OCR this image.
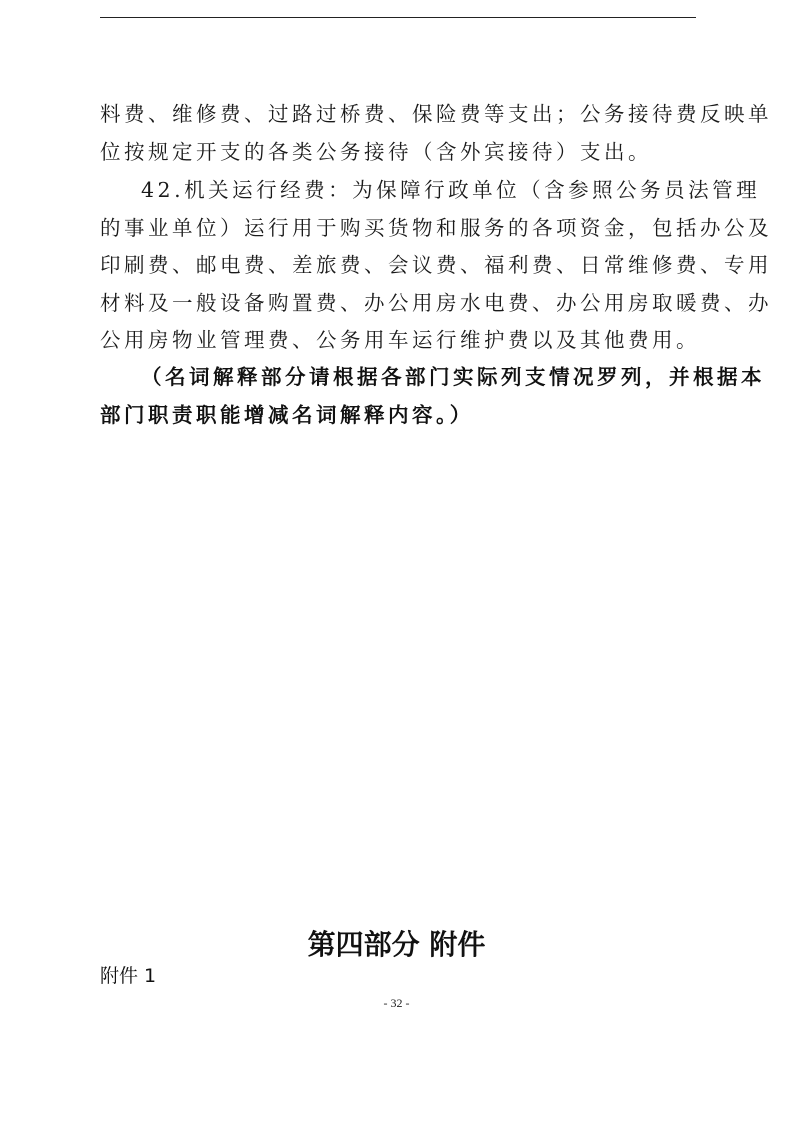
料费、维修费、过路过桥费、保险费等支出；公务接待费反映单
位按规定开支的各类公务接待（含外宾接待）支出。
42.机关运行经费：为保障行政单位（含参照公务员法管理
的事业单位）运行用于购买货物和服务的各项资金，包括办公及
印刷费、邮电费、差旅费、会议费、福利费、日常维修费、专用
材料及一般设备购置费、办公用房水电费、办公用房取暖费、办
公用房物业管理费、公务用车运行维护费以及其他费用。
（名词解释部分请根据各部门实际列支情况罗列，并根据本
部门职责职能增减名词解释内容。）
第四部分 附件
附件 1
- 32 -
